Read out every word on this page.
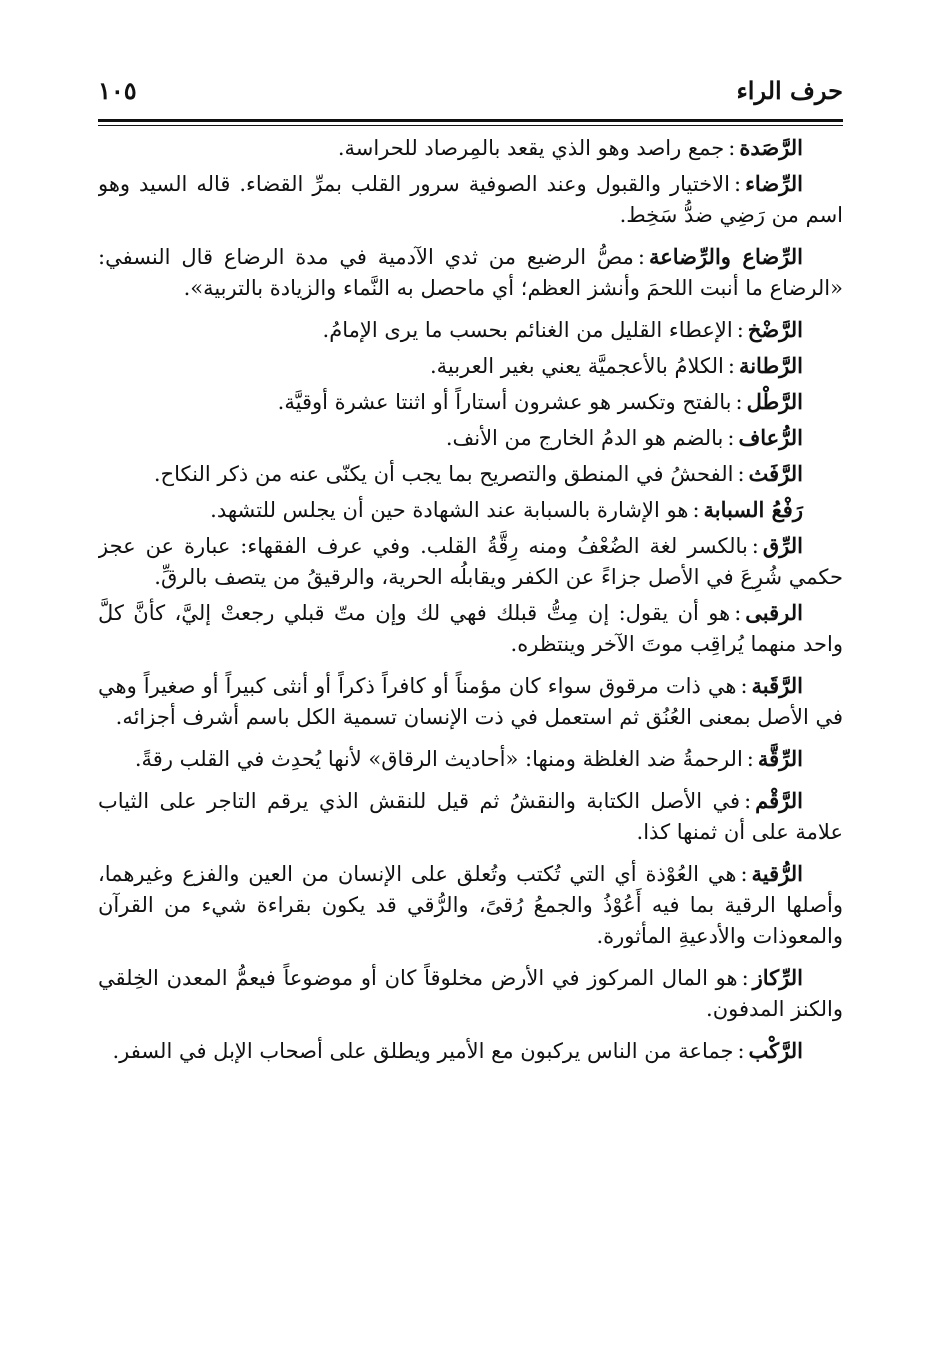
حرف الراء
١٠٥

الرَّصَدة:جمع راصد وهو الذي يقعد بالمِرصاد للحراسة.

الرِّضاء:الاختيار والقبول وعند الصوفية سرور القلب بمرِّ القضاء. قاله السيد وهو اسم من رَضِي ضدُّ سَخِط.

الرِّضاع والرِّضاعة:مصُّ الرضيع من ثدي الآدمية في مدة الرضاع قال النسفي: «الرضاع ما أنبت اللحمَ وأنشز العظم؛ أي ماحصل به النَّماء والزيادة بالتربية».

الرَّضْخ:الإعطاء القليل من الغنائم بحسب ما يرى الإمامُ.

الرَّطانة:الكلامُ بالأعجميَّة يعني بغير العربية.

الرَّطْل:بالفتح وتكسر هو عشرون أستاراً أو اثنتا عشرة أوقيَّة.

الرُّعاف:بالضم هو الدمُ الخارج من الأنف.

الرَّفَث:الفحشُ في المنطق والتصريح بما يجب أن يكنّى عنه من ذكر النكاح.

رَفْعُ السبابة:هو الإشارة بالسبابة عند الشهادة حين أن يجلس للتشهد.

الرِّق:بالكسر لغة الضُعْفُ ومنه رِقَّةُ القلب. وفي عرف الفقهاء: عبارة عن عجز حكمي شُرِعَ في الأصل جزاءً عن الكفر ويقابلُه الحرية، والرقيقُ من يتصف بالرقِّ.

الرقبى:هو أن يقول: إن مِتُّ قبلك فهي لك وإن متّ قبلي رجعتْ إليَّ، كأنَّ كلَّ واحد منهما يُراقِب موتَ الآخر وينتظره.

الرَّقَبة:هي ذات مرقوق سواء كان مؤمناً أو كافراً ذكراً أو أنثى كبيراً أو صغيراً وهي في الأصل بمعنى العُنُق ثم استعمل في ذت الإنسان تسمية الكل باسم أشرف أجزائه.

الرِّقَّة:الرحمةُ ضد الغلظة ومنها: «أحاديث الرقاق» لأنها يُحدِث في القلب رقةً.

الرَّقْم:في الأصل الكتابة والنقشُ ثم قيل للنقش الذي يرقم التاجر على الثياب علامة على أن ثمنها كذا.

الرُّقية:هي العُوْذة أي التي تُكتب وتُعلق على الإنسان من العين والفزع وغيرهما، وأصلها الرقية بما فيه أَعُوْذُ والجمعُ رُقىً، والرُّقي قد يكون بقراءة شيء من القرآن والمعوذات والأدعيةِ المأثورة.

الرِّكاز:هو المال المركوز في الأرض مخلوقاً كان أو موضوعاً فيعمُّ المعدن الخِلقي والكنز المدفون.

الرَّكْب:جماعة من الناس يركبون مع الأمير ويطلق على أصحاب الإبل في السفر.
